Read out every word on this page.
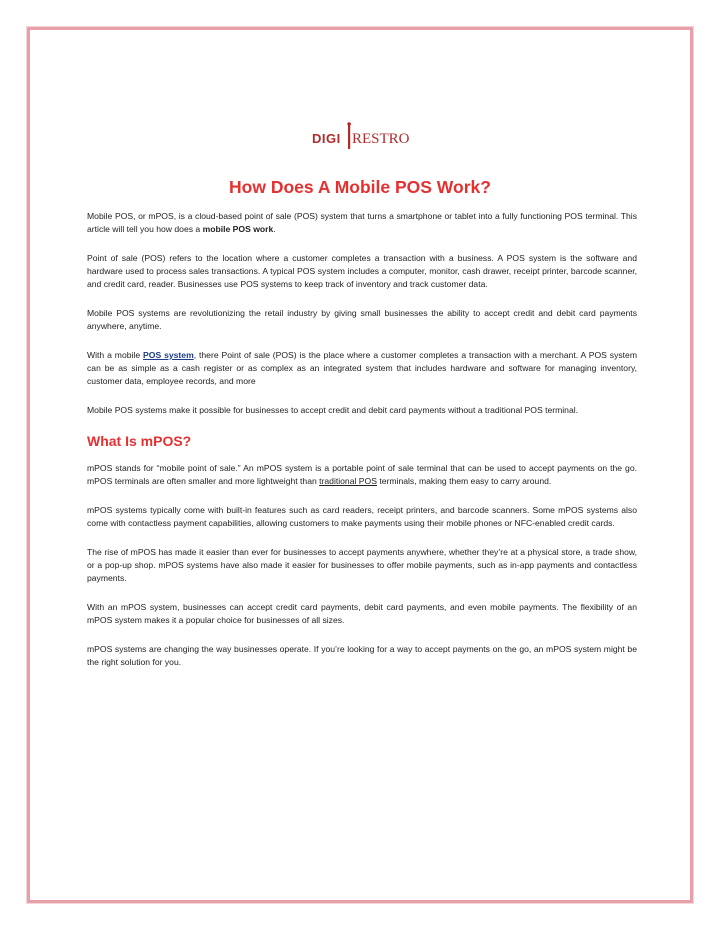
DIGI RESTRO
How Does A Mobile POS Work?

Mobile POS, or mPOS, is a cloud-based point of sale (POS) system that turns a smartphone or tablet into a fully functioning POS terminal. This article will tell you how does a mobile POS work.

Point of sale (POS) refers to the location where a customer completes a transaction with a business. A POS system is the software and hardware used to process sales transactions. A typical POS system includes a computer, monitor, cash drawer, receipt printer, barcode scanner, and credit card, reader. Businesses use POS systems to keep track of inventory and track customer data.

Mobile POS systems are revolutionizing the retail industry by giving small businesses the ability to accept credit and debit card payments anywhere, anytime.

With a mobile POS system, there Point of sale (POS) is the place where a customer completes a transaction with a merchant. A POS system can be as simple as a cash register or as complex as an integrated system that includes hardware and software for managing inventory, customer data, employee records, and more

Mobile POS systems make it possible for businesses to accept credit and debit card payments without a traditional POS terminal.

What Is mPOS?

mPOS stands for “mobile point of sale.” An mPOS system is a portable point of sale terminal that can be used to accept payments on the go. mPOS terminals are often smaller and more lightweight than traditional POS terminals, making them easy to carry around.

mPOS systems typically come with built-in features such as card readers, receipt printers, and barcode scanners. Some mPOS systems also come with contactless payment capabilities, allowing customers to make payments using their mobile phones or NFC-enabled credit cards.

The rise of mPOS has made it easier than ever for businesses to accept payments anywhere, whether they’re at a physical store, a trade show, or a pop-up shop. mPOS systems have also made it easier for businesses to offer mobile payments, such as in-app payments and contactless payments.

With an mPOS system, businesses can accept credit card payments, debit card payments, and even mobile payments. The flexibility of an mPOS system makes it a popular choice for businesses of all sizes.

mPOS systems are changing the way businesses operate. If you’re looking for a way to accept payments on the go, an mPOS system might be the right solution for you.
